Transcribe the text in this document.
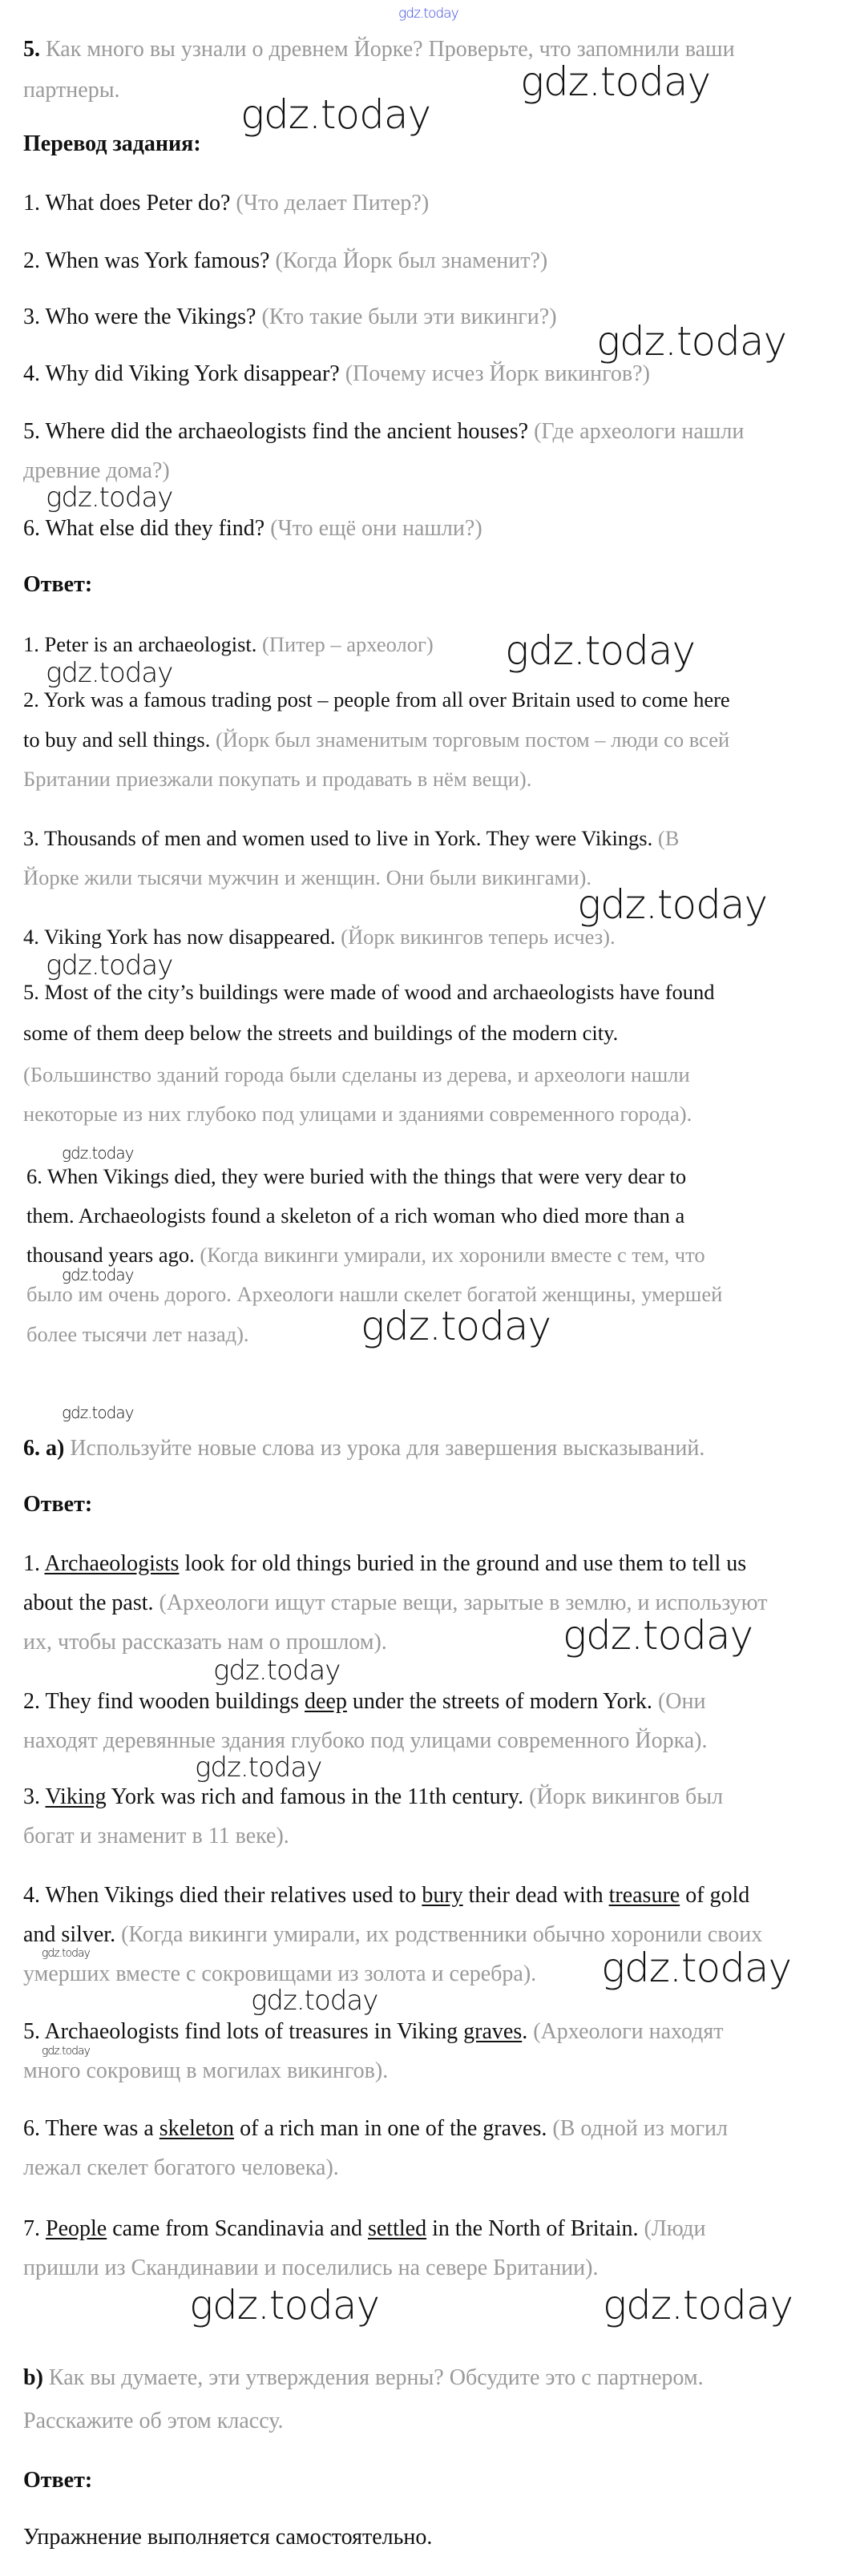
5. Как много вы узнали о древнем Йорке? Проверьте, что запомнили ваши
партнеры.
Перевод задания:
1. What does Peter do? (Что делает Питер?)
2. When was York famous? (Когда Йорк был знаменит?)
3. Who were the Vikings? (Кто такие были эти викинги?)
4. Why did Viking York disappear? (Почему исчез Йорк викингов?)
5. Where did the archaeologists find the ancient houses? (Где археологи нашли
древние дома?)
6. What else did they find? (Что ещё они нашли?)
Ответ:
1. Peter is an archaeologist. (Питер – археолог)
2. York was a famous trading post – people from all over Britain used to come here
to buy and sell things. (Йорк был знаменитым торговым постом – люди со всей
Британии приезжали покупать и продавать в нём вещи).
3. Thousands of men and women used to live in York. They were Vikings. (В
Йорке жили тысячи мужчин и женщин. Они были викингами).
4. Viking York has now disappeared. (Йорк викингов теперь исчез).
5. Most of the city’s buildings were made of wood and archaeologists have found
some of them deep below the streets and buildings of the modern city.
(Большинство зданий города были сделаны из дерева, и археологи нашли
некоторые из них глубоко под улицами и зданиями современного города).
6. When Vikings died, they were buried with the things that were very dear to
them. Archaeologists found a skeleton of a rich woman who died more than a
thousand years ago. (Когда викинги умирали, их хоронили вместе с тем, что
было им очень дорого. Археологи нашли скелет богатой женщины, умершей
более тысячи лет назад).
6. a) Используйте новые слова из урока для завершения высказываний.
Ответ:
1. Archaeologists look for old things buried in the ground and use them to tell us
about the past. (Археологи ищут старые вещи, зарытые в землю, и используют
их, чтобы рассказать нам о прошлом).
2. They find wooden buildings deep under the streets of modern York. (Они
находят деревянные здания глубоко под улицами современного Йорка).
3. Viking York was rich and famous in the 11th century. (Йорк викингов был
богат и знаменит в 11 веке).
4. When Vikings died their relatives used to bury their dead with treasure of gold
and silver. (Когда викинги умирали, их родственники обычно хоронили своих
умерших вместе с сокровищами из золота и серебра).
5. Archaeologists find lots of treasures in Viking graves. (Археологи находят
много сокровищ в могилах викингов).
6. There was a skeleton of a rich man in one of the graves. (В одной из могил
лежал скелет богатого человека).
7. People came from Scandinavia and settled in the North of Britain. (Люди
пришли из Скандинавии и поселились на севере Британии).
b) Как вы думаете, эти утверждения верны? Обсудите это с партнером.
Расскажите об этом классу.
Ответ:
Упражнение выполняется самостоятельно.
gdz.today
gdz.today
gdz.today
gdz.today
gdz.today
gdz.today
gdz.today
gdz.today
gdz.today
gdz.today
gdz.today
gdz.today
gdz.today
gdz.today
gdz.today
gdz.today
gdz.today	gdz.today
gdz.today
gdz.today
gdz.today	gdz.today
